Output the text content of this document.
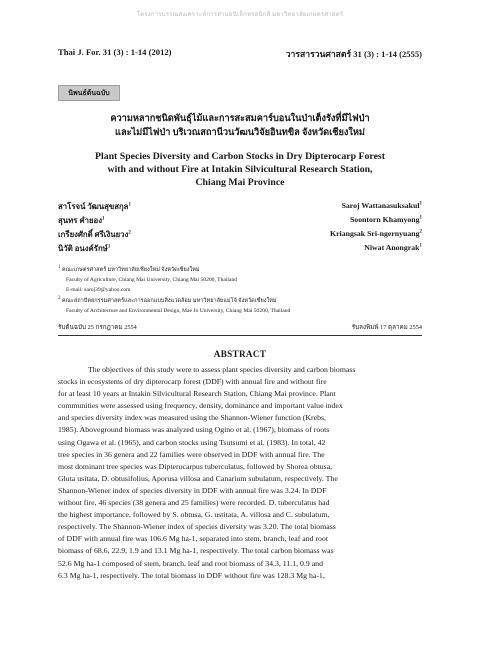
โครงการบรรณสงเคราะห์การสานอนิเล็กทรอนิกส์ มหาวิทยาลัยเกษตรศาสตร์
Thai J. For. 31 (3) : 1-14 (2012)	วารสารวนศาสตร์ 31 (3) : 1-14 (2555)
นิพนธ์ต้นฉบับ
ความหลากชนิดพันธุ์ไม้และการสะสมคาร์บอนในป่าเต็งรังที่มีไฟป่า
และไม่มีไฟป่า บริเวณสถานีวนวัฒนวิจัยอินทขิล จังหวัดเชียงใหม่
Plant Species Diversity and Carbon Stocks in Dry Dipterocarp Forest
with and without Fire at Intakin Silvicultural Research Station,
Chiang Mai Province
สาโรจน์ วัฒนสุขสกุล$^1$
สุนทร คำยอง$^1$
เกรียงศักดิ์ ศรีเงินยวง$^2$
นิวัติ อนงค์รักษ์$^1$
Saroj Wattanasuksakul$^1$
Soontorn Khamyong$^1$
Kriangsak Sri-ngernyuang$^2$
Niwat Anongrak$^1$
$^1$ คณะเกษตรศาสตร์ มหาวิทยาลัยเชียงใหม่ จังหวัดเชียงใหม่
Faculty of Agriculture, Chiang Mai University, Chiang Mai 50200, Thailand
E-mail: saroj39@yahoo.com
$^2$ คณะสถาปัตยกรรมศาสตร์และการออกแบบสิ่งแวดล้อม มหาวิทยาลัยแม่โจ้ จังหวัดเชียงใหม่
Faculty of Architecture and Environmental Design, Mae Jo University, Chiang Mai 50200, Thailand
รับต้นฉบับ 25 กรกฎาคม 2554	รับลงพิมพ์ 17 ตุลาคม 2554
ABSTRACT
The objectives of this study were to assess plant species diversity and carbon biomass
stocks in ecosystems of dry dipterocarp forest (DDF) with annual fire and without fire
for at least 10 years at Intakin Silvicultural Research Station, Chiang Mai province. Plant
communities were assessed using frequency, density, dominance and important value index
and species diversity index was measured using the Shannon-Wiener function (Krebs,
1985). Aboveground biomass was analyzed using Ogino et al. (1967), biomass of roots
using Ogawa et al. (1965), and carbon stocks using Tsutsumi et al. (1983). In total, 42
tree species in 36 genera and 22 families were observed in DDF with annual fire. The
most dominant tree species was Dipterocarpus tuberculatus, followed by Shorea obtusa,
Gluta usitata, D. obtusifolius, Aporusa villosa and Canarium subulatum, respectively. The
Shannon-Wiener index of species diversity in DDF with annual fire was 3.24. In DDF
without fire, 46 species (38 genera and 25 families) were recorded. D. tuberculatus had
the highest importance, followed by S. obtusa, G. ustitata, A. villosa and C. subulatum,
respectively. The Shannon-Wiener index of species diversity was 3.20. The total biomass
of DDF with annual fire was 106.6 Mg ha-1, separated into stem, branch, leaf and root
biomass of 68.6, 22.9, 1.9 and 13.1 Mg ha-1, respectively. The total carbon biomass was
52.6 Mg ha-1 composed of stem, branch, leaf and root biomass of 34.3, 11.1, 0.9 and
6.3 Mg ha-1, respectively. The total biomass in DDF without fire was 128.3 Mg ha-1,
